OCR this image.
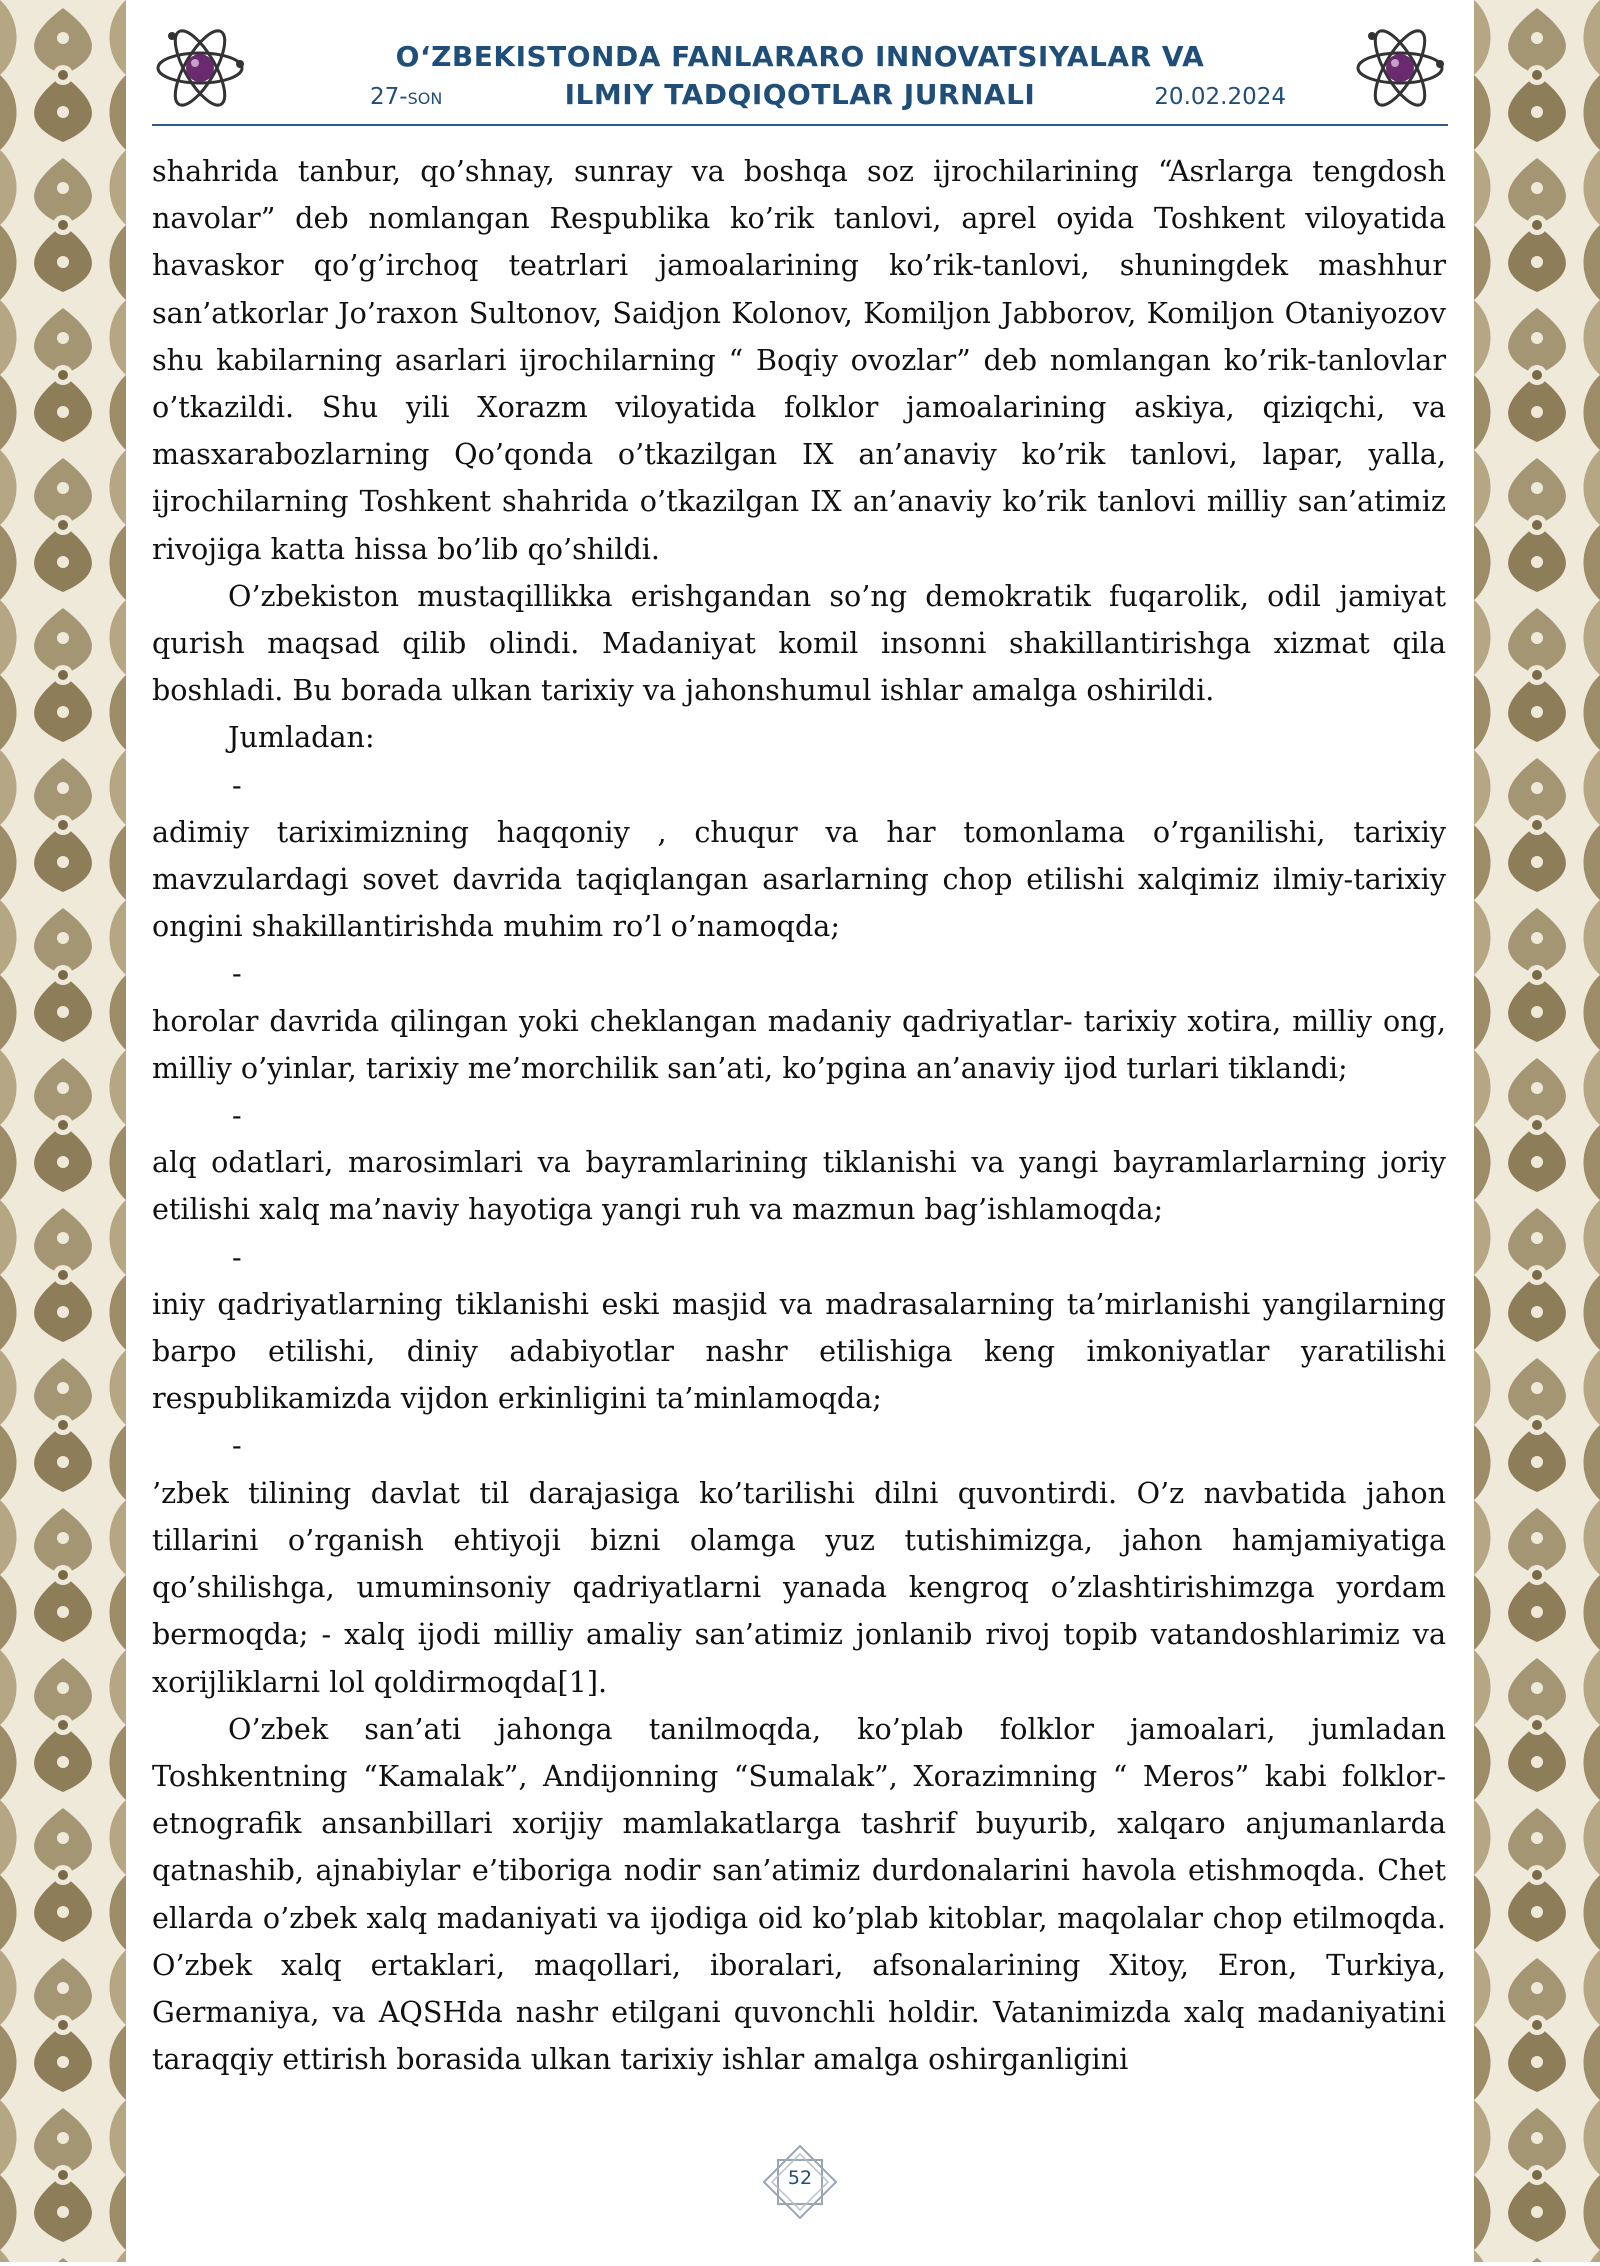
O‘ZBEKISTONDA FANLARARO INNOVATSIYALAR VA
27-SON	ILMIY TADQIQOTLAR JURNALI	20.02.2024

shahrida tanbur, qo’shnay, sunray va boshqa soz ijrochilarining “Asrlarga tengdosh navolar” deb nomlangan Respublika ko’rik tanlovi, aprel oyida Toshkent viloyatida havaskor qo’g’irchoq teatrlari jamoalarining ko’rik-tanlovi, shuningdek mashhur san’atkorlar Jo’raxon Sultonov, Saidjon Kolonov, Komiljon Jabborov, Komiljon Otaniyozov shu kabilarning asarlari ijrochilarning “ Boqiy ovozlar” deb nomlangan ko’rik-tanlovlar o’tkazildi. Shu yili Xorazm viloyatida folklor jamoalarining askiya, qiziqchi, va masxarabozlarning Qo’qonda o’tkazilgan IX an’anaviy ko’rik tanlovi, lapar, yalla, ijrochilarning Toshkent shahrida o’tkazilgan IX an’anaviy ko’rik tanlovi milliy san’atimiz rivojiga katta hissa bo’lib qo’shildi.

O’zbekiston mustaqillikka erishgandan so’ng demokratik fuqarolik, odil jamiyat qurish maqsad qilib olindi. Madaniyat komil insonni shakillantirishga xizmat qila boshladi. Bu borada ulkan tarixiy va jahonshumul ishlar amalga oshirildi.

Jumladan:

-

adimiy tariximizning haqqoniy , chuqur va har tomonlama o’rganilishi, tarixiy mavzulardagi sovet davrida taqiqlangan asarlarning chop etilishi xalqimiz ilmiy-tarixiy ongini shakillantirishda muhim ro’l o’namoqda;

-

horolar davrida qilingan yoki cheklangan madaniy qadriyatlar- tarixiy xotira, milliy ong, milliy o’yinlar, tarixiy me’morchilik san’ati, ko’pgina an’anaviy ijod turlari tiklandi;

-

alq odatlari, marosimlari va bayramlarining tiklanishi va yangi bayramlarlarning joriy etilishi xalq ma’naviy hayotiga yangi ruh va mazmun bag’ishlamoqda;

-

iniy qadriyatlarning tiklanishi eski masjid va madrasalarning ta’mirlanishi yangilarning barpo etilishi, diniy adabiyotlar nashr etilishiga keng imkoniyatlar yaratilishi respublikamizda vijdon erkinligini ta’minlamoqda;

-

’zbek tilining davlat til darajasiga ko’tarilishi dilni quvontirdi. O’z navbatida jahon tillarini o’rganish ehtiyoji bizni olamga yuz tutishimizga, jahon hamjamiyatiga qo’shilishga, umuminsoniy qadriyatlarni yanada kengroq o’zlashtirishimzga yordam bermoqda; - xalq ijodi milliy amaliy san’atimiz jonlanib rivoj topib vatandoshlarimiz va xorijliklarni lol qoldirmoqda[1].

O’zbek san’ati jahonga tanilmoqda, ko’plab folklor jamoalari, jumladan Toshkentning “Kamalak”, Andijonning “Sumalak”, Xorazimning “ Meros” kabi folklor-etnografik ansanbillari xorijiy mamlakatlarga tashrif buyurib, xalqaro anjumanlarda qatnashib, ajnabiylar e’tiboriga nodir san’atimiz durdonalarini havola etishmoqda. Chet ellarda o’zbek xalq madaniyati va ijodiga oid ko’plab kitoblar, maqolalar chop etilmoqda. O’zbek xalq ertaklari, maqollari, iboralari, afsonalarining Xitoy, Eron, Turkiya, Germaniya, va AQSHda nashr etilgani quvonchli holdir. Vatanimizda xalq madaniyatini taraqqiy ettirish borasida ulkan tarixiy ishlar amalga oshirganligini

52
